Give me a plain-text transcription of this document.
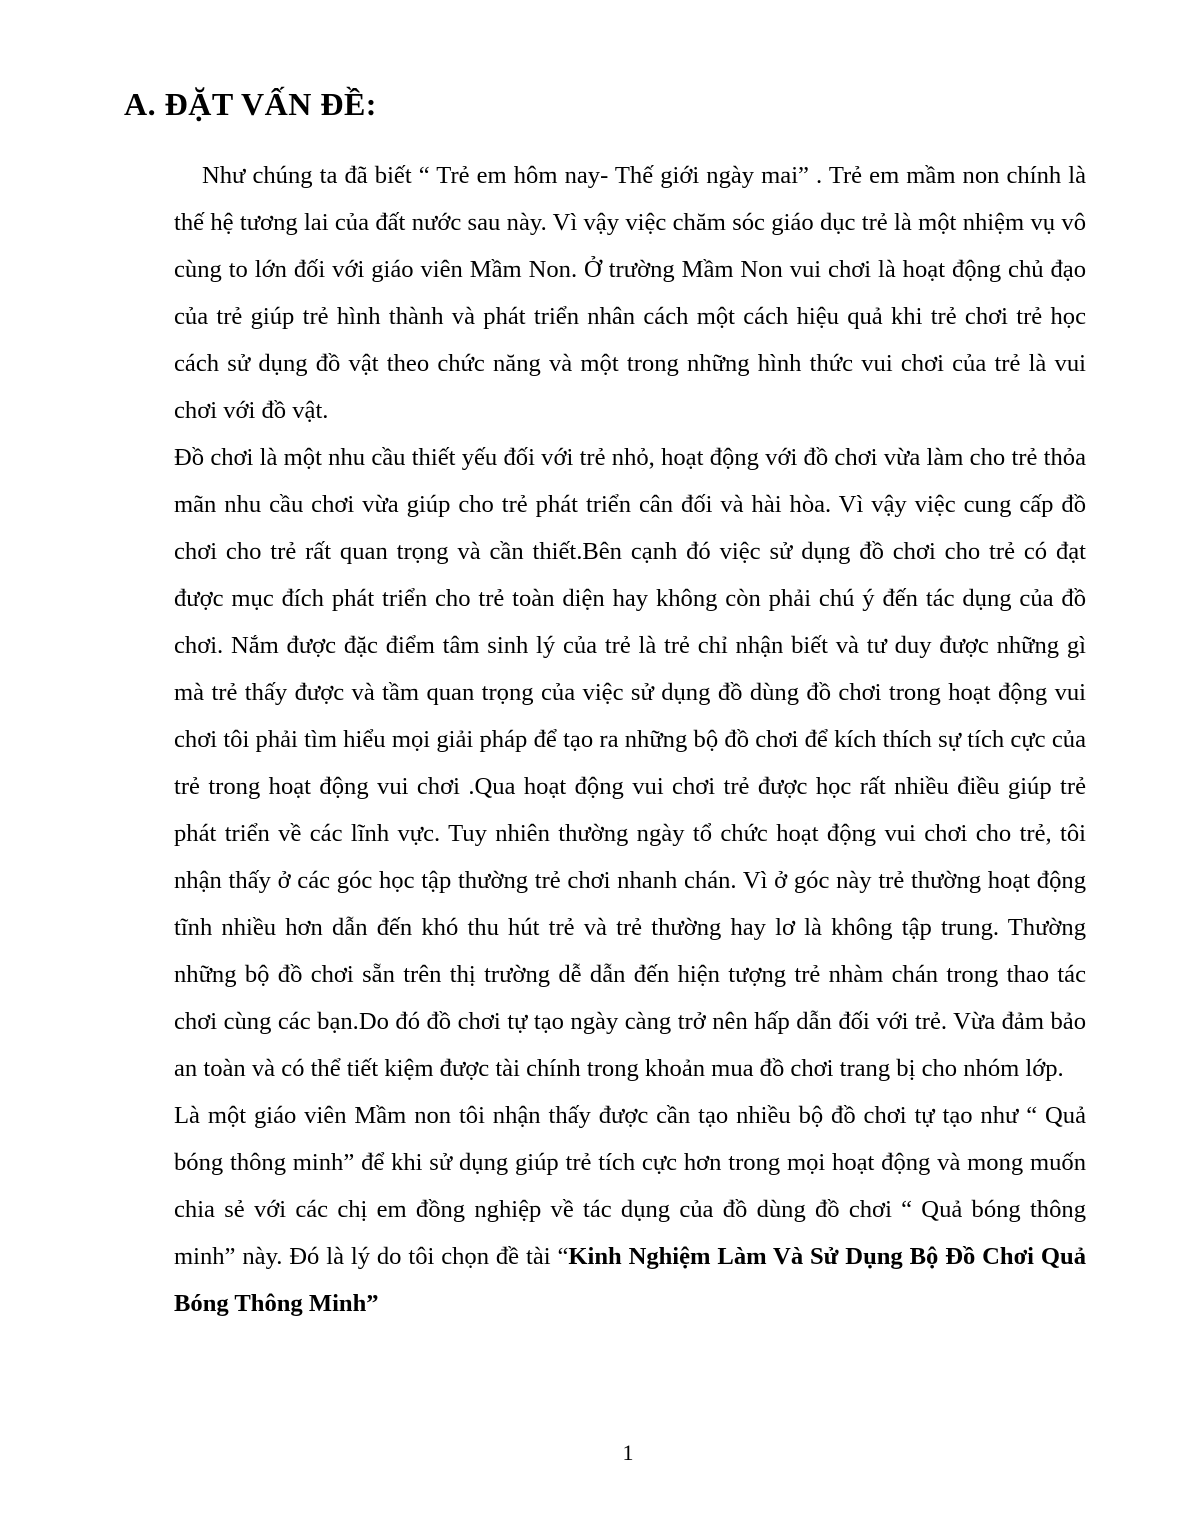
A. ĐẶT VẤN ĐỀ:

Như chúng ta đã biết “ Trẻ em hôm nay- Thế giới ngày mai” . Trẻ em mầm non chính là thế hệ tương lai của đất nước sau này. Vì vậy việc chăm sóc giáo dục trẻ là một nhiệm vụ vô cùng to lớn đối với giáo viên Mầm Non. Ở trường Mầm Non vui chơi là hoạt động chủ đạo của trẻ giúp trẻ hình thành và phát triển nhân cách một cách hiệu quả khi trẻ chơi trẻ học cách sử dụng đồ vật theo chức năng và một trong những hình thức vui chơi của trẻ là vui chơi với đồ vật.

Đồ chơi là một nhu cầu thiết yếu đối với trẻ nhỏ, hoạt động với đồ chơi vừa làm cho trẻ thỏa mãn nhu cầu chơi vừa giúp cho trẻ phát triển cân đối và hài hòa. Vì vậy việc cung cấp đồ chơi cho trẻ rất quan trọng và cần thiết.Bên cạnh đó việc sử dụng đồ chơi cho trẻ có đạt được mục đích phát triển cho trẻ toàn diện hay không còn phải chú ý đến tác dụng của đồ chơi. Nắm được đặc điểm tâm sinh lý của trẻ là trẻ chỉ nhận biết và tư duy được những gì mà trẻ thấy được và tầm quan trọng của việc sử dụng đồ dùng đồ chơi trong hoạt động vui chơi tôi phải tìm hiểu mọi giải pháp để tạo ra những bộ đồ chơi để kích thích sự tích cực của trẻ trong hoạt động vui chơi .Qua hoạt động vui chơi trẻ được học rất nhiều điều giúp trẻ phát triển về các lĩnh vực. Tuy nhiên thường ngày tổ chức hoạt động vui chơi cho trẻ, tôi nhận thấy ở các góc học tập thường trẻ chơi nhanh chán. Vì ở góc này trẻ thường hoạt động tĩnh nhiều hơn dẫn đến khó thu hút trẻ và trẻ thường hay lơ là không tập trung. Thường những bộ đồ chơi sẵn trên thị trường dễ dẫn đến hiện tượng trẻ nhàm chán trong thao tác chơi cùng các bạn.Do đó đồ chơi tự tạo ngày càng trở nên hấp dẫn đối với trẻ. Vừa đảm bảo an toàn và có thể tiết kiệm được tài chính trong khoản mua đồ chơi trang bị cho nhóm lớp.

Là một giáo viên Mầm non tôi nhận thấy được cần tạo nhiều bộ đồ chơi tự tạo như “ Quả bóng thông minh” để khi sử dụng giúp trẻ tích cực hơn trong mọi hoạt động và mong muốn chia sẻ với các chị em đồng nghiệp về tác dụng của đồ dùng đồ chơi “ Quả bóng thông minh” này. Đó là lý do tôi chọn đề tài “Kinh Nghiệm Làm Và Sử Dụng Bộ Đồ Chơi Quả Bóng Thông Minh”

1
